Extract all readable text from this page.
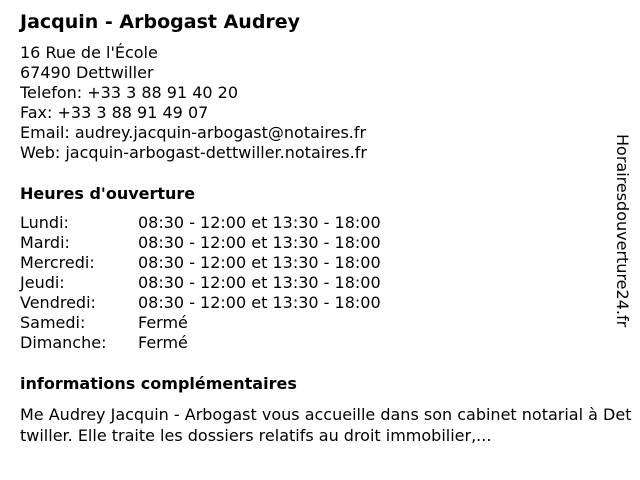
Jacquin - Arbogast Audrey
16 Rue de l'École
67490 Dettwiller
Telefon: +33 3 88 91 40 20
Fax: +33 3 88 91 49 07
Email: audrey.jacquin-arbogast@notaires.fr
Web: jacquin-arbogast-dettwiller.notaires.fr
Heures d'ouverture
Lundi:	08:30 - 12:00 et 13:30 - 18:00
Mardi:	08:30 - 12:00 et 13:30 - 18:00
Mercredi:	08:30 - 12:00 et 13:30 - 18:00
Jeudi:	08:30 - 12:00 et 13:30 - 18:00
Vendredi:	08:30 - 12:00 et 13:30 - 18:00
Samedi:	Fermé
Dimanche:	Fermé
informations complémentaires
Me Audrey Jacquin - Arbogast vous accueille dans son cabinet notarial à Dettwiller. Elle traite les dossiers relatifs au droit immobilier,...
Horairesdouverture24.fr
